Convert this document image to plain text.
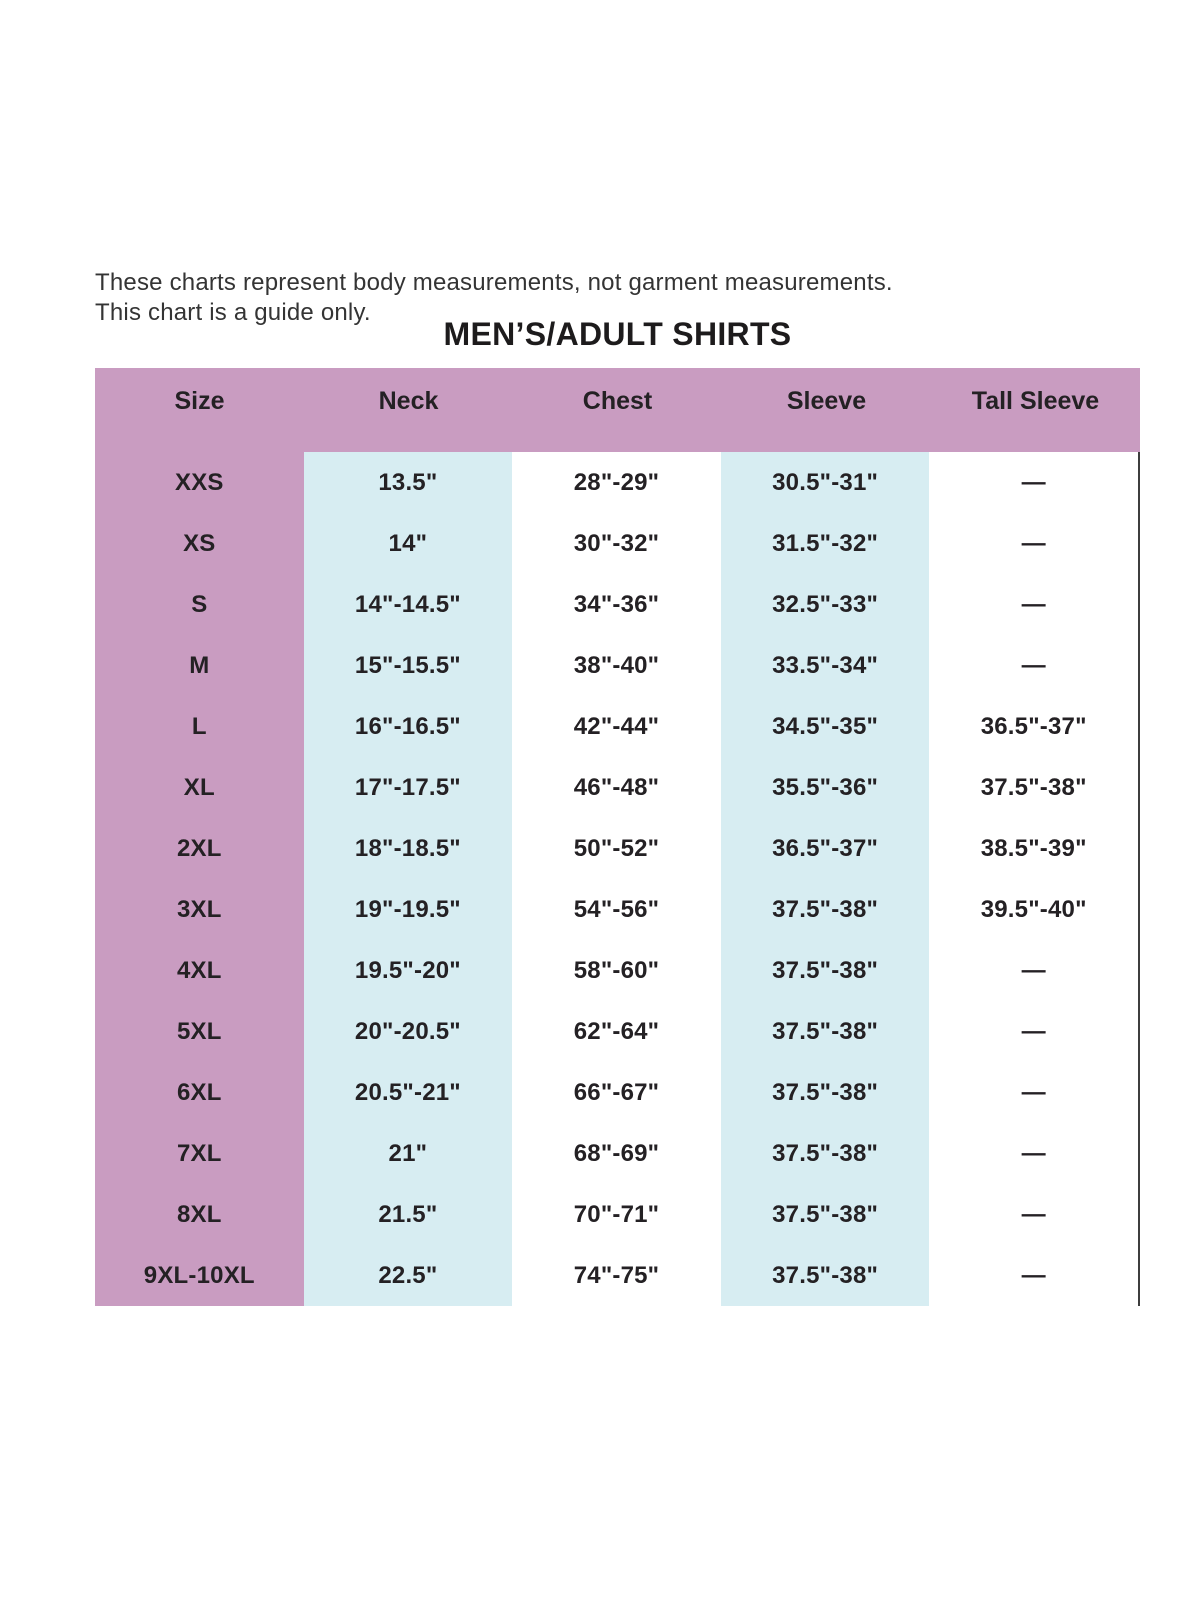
These charts represent body measurements, not garment measurements.
This chart is a guide only.

MEN’S/ADULT SHIRTS
Size	Neck	Chest	Sleeve	Tall Sleeve
XXS	13.5"	28"-29"	30.5"-31"	—
XS	14"	30"-32"	31.5"-32"	—
S	14"-14.5"	34"-36"	32.5"-33"	—
M	15"-15.5"	38"-40"	33.5"-34"	—
L	16"-16.5"	42"-44"	34.5"-35"	36.5"-37"
XL	17"-17.5"	46"-48"	35.5"-36"	37.5"-38"
2XL	18"-18.5"	50"-52"	36.5"-37"	38.5"-39"
3XL	19"-19.5"	54"-56"	37.5"-38"	39.5"-40"
4XL	19.5"-20"	58"-60"	37.5"-38"	—
5XL	20"-20.5"	62"-64"	37.5"-38"	—
6XL	20.5"-21"	66"-67"	37.5"-38"	—
7XL	21"	68"-69"	37.5"-38"	—
8XL	21.5"	70"-71"	37.5"-38"	—
9XL-10XL	22.5"	74"-75"	37.5"-38"	—
